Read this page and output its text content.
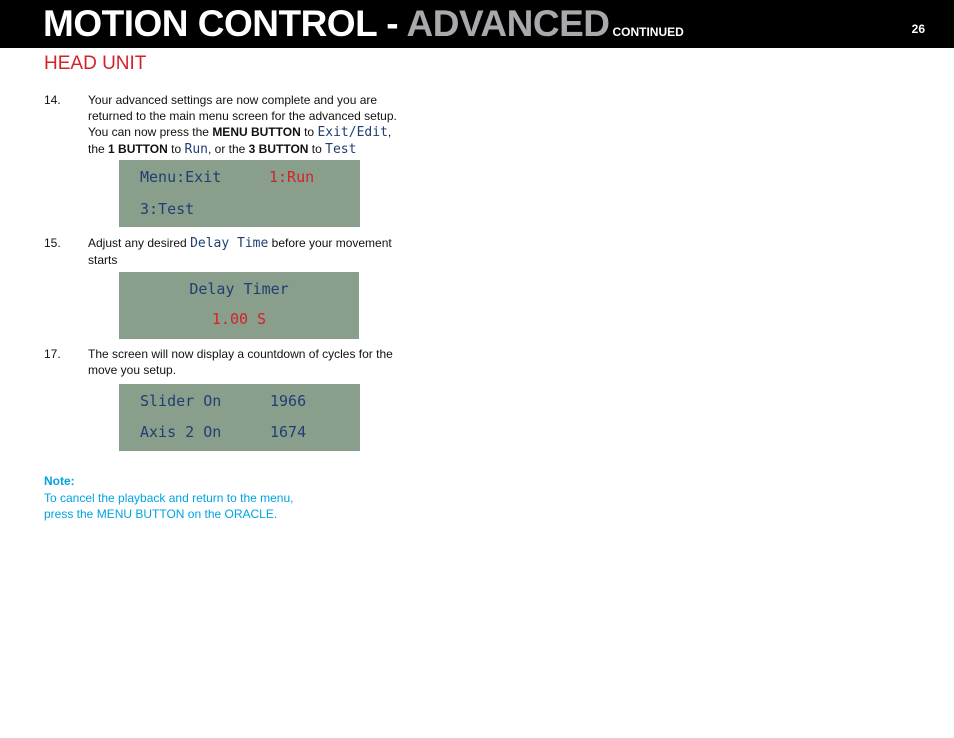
MOTION CONTROL - ADVANCED CONTINUED	26
HEAD UNIT
14. Your advanced settings are now complete and you are
returned to the main menu screen for the advanced setup.
You can now press the MENU BUTTON to Exit/Edit,
the 1 BUTTON to Run, or the 3 BUTTON to Test
Menu:Exit	1:Run
3:Test
15. Adjust any desired Delay Time before your movement
starts
Delay Timer
1.00 S
17. The screen will now display a countdown of cycles for the
move you setup.
Slider On	1966
Axis 2 On	1674
Note:
To cancel the playback and return to the menu,
press the MENU BUTTON on the ORACLE.
